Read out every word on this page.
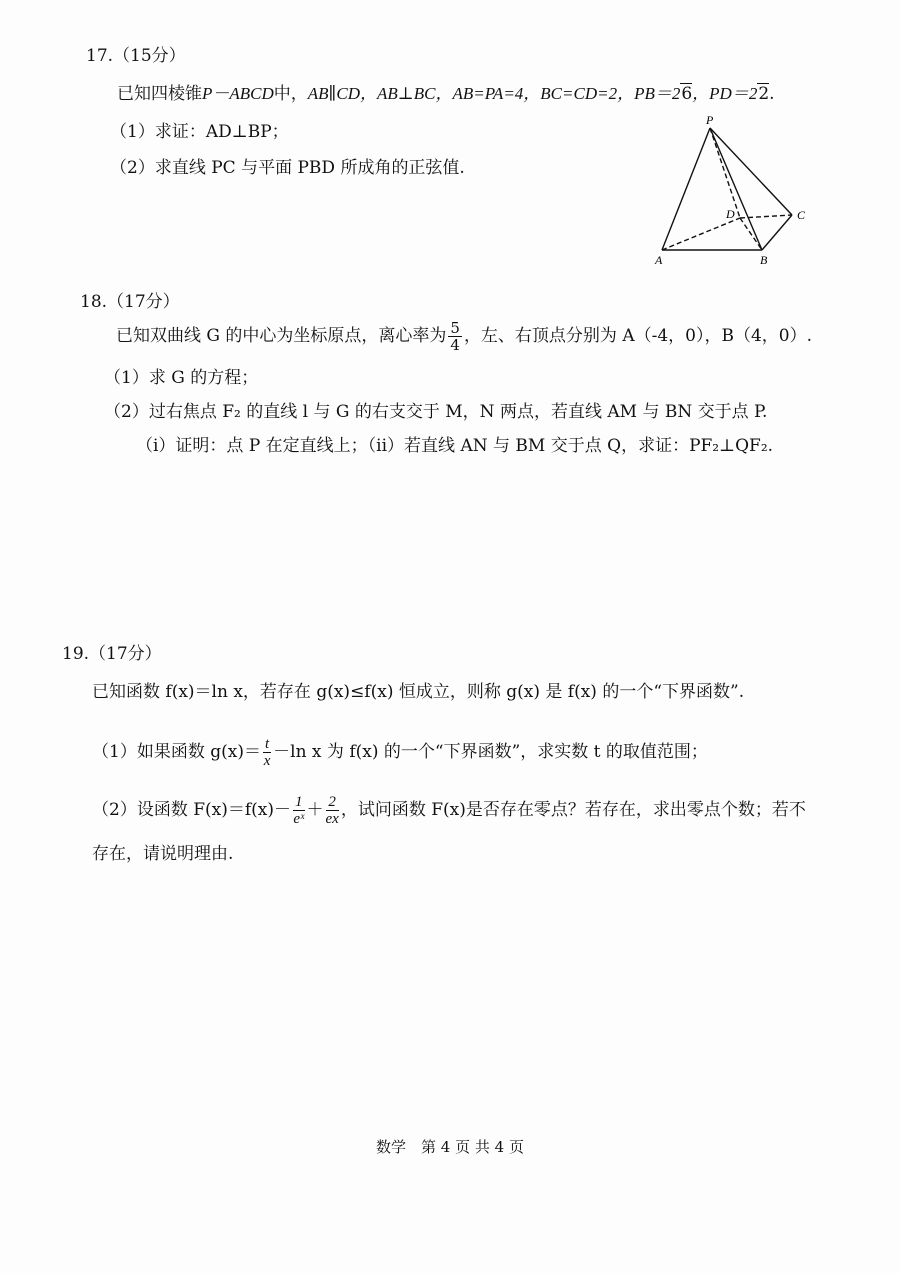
17.（15分）
已知四棱锥P－ABCD中，AB∥CD，AB⊥BC，AB=PA=4，BC=CD=2，PB＝26，PD＝22.
（1）求证：AD⊥BP；
（2）求直线 PC 与平面 PBD 所成角的正弦值.
P
D	C
A	B
18.（17分）
已知双曲线 G 的中心为坐标原点，离心率为 $\frac{5}{4}$ ，左、右顶点分别为 A（-4，0），B（4，0）.
（1）求 G 的方程；
（2）过右焦点 F₂ 的直线 l 与 G 的右支交于 M，N 两点，若直线 AM 与 BN 交于点 P.
（i）证明：点 P 在定直线上；（ii）若直线 AN 与 BM 交于点 Q，求证：PF₂⊥QF₂.
19.（17分）
已知函数 f(x)＝ln x，若存在 g(x)≤f(x) 恒成立，则称 g(x) 是 f(x) 的一个“下界函数”.
（1）如果函数 $g(x)= \frac{t}{x} -\ln$ x 为 f(x) 的一个“下界函数”，求实数 t 的取值范围；
（2）设函数 $F(x)=f(x)- \frac{1}{\text{eˣ}} + \frac{2}{ex}$ ，试问函数 F(x)是否存在零点？若存在，求出零点个数；若不
存在，请说明理由.
数学　第 4 页 共 4 页
